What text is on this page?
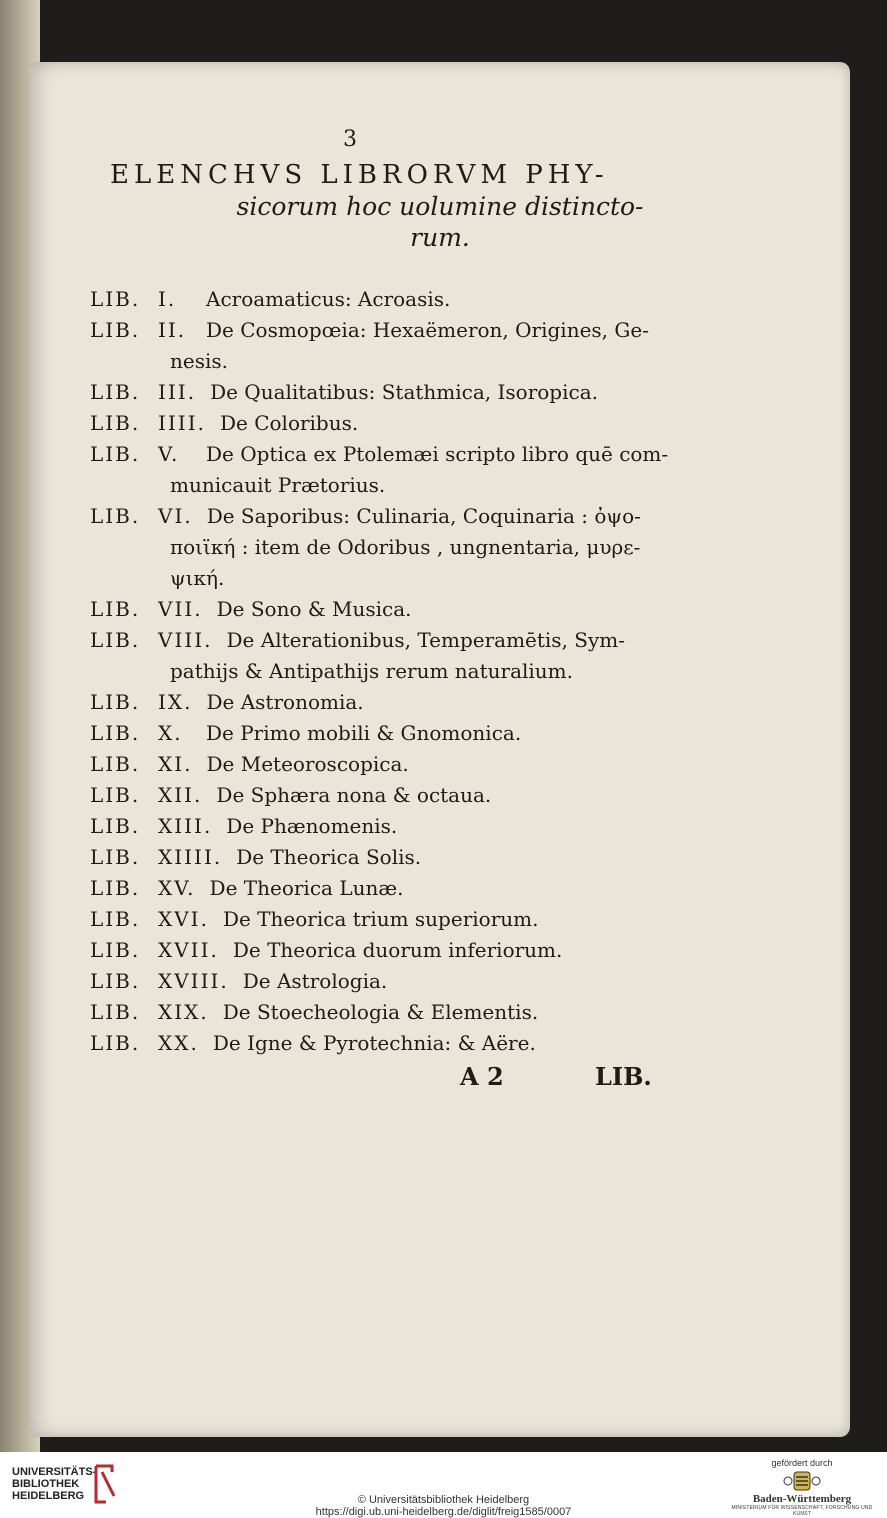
3
ELENCHVS LIBRORVM PHY-
sicorum hoc uolumine distincto-
rum.
LIB. I. Acroamaticus: Acroasis.
LIB. II. De Cosmopœia: Hexaëmeron, Origines, Ge-
nesis.
LIB. III. De Qualitatibus: Stathmica, Isoropica.
LIB. IIII. De Coloribus.
LIB. V. De Optica ex Ptolemæi scripto libro quē com-
municauit Prætorius.
LIB. VI. De Saporibus: Culinaria, Coquinaria : ὀψο-
ποιϊκή : item de Odoribus , ungnentaria, μυρε-
ψική.
LIB. VII. De Sono & Musica.
LIB. VIII. De Alterationibus, Temperamētis, Sym-
pathijs & Antipathijs rerum naturalium.
LIB. IX. De Astronomia.
LIB. X. De Primo mobili & Gnomonica.
LIB. XI. De Meteoroscopica.
LIB. XII. De Sphæra nona & octaua.
LIB. XIII. De Phænomenis.
LIB. XIIII. De Theorica Solis.
LIB. XV. De Theorica Lunæ.
LIB. XVI. De Theorica trium superiorum.
LIB. XVII. De Theorica duorum inferiorum.
LIB. XVIII. De Astrologia.
LIB. XIX. De Stoecheologia & Elementis.
LIB. XX. De Igne & Pyrotechnia: & Aëre.
A 2	LIB.
UNIVERSITÄTS-
BIBLIOTHEK
HEIDELBERG	© Universitätsbibliothek Heidelberg
https://digi.ub.uni-heidelberg.de/diglit/freig1585/0007
gefördert durch
Baden-Württemberg
MINISTERIUM FÜR WISSENSCHAFT, FORSCHUNG UND KUNST
